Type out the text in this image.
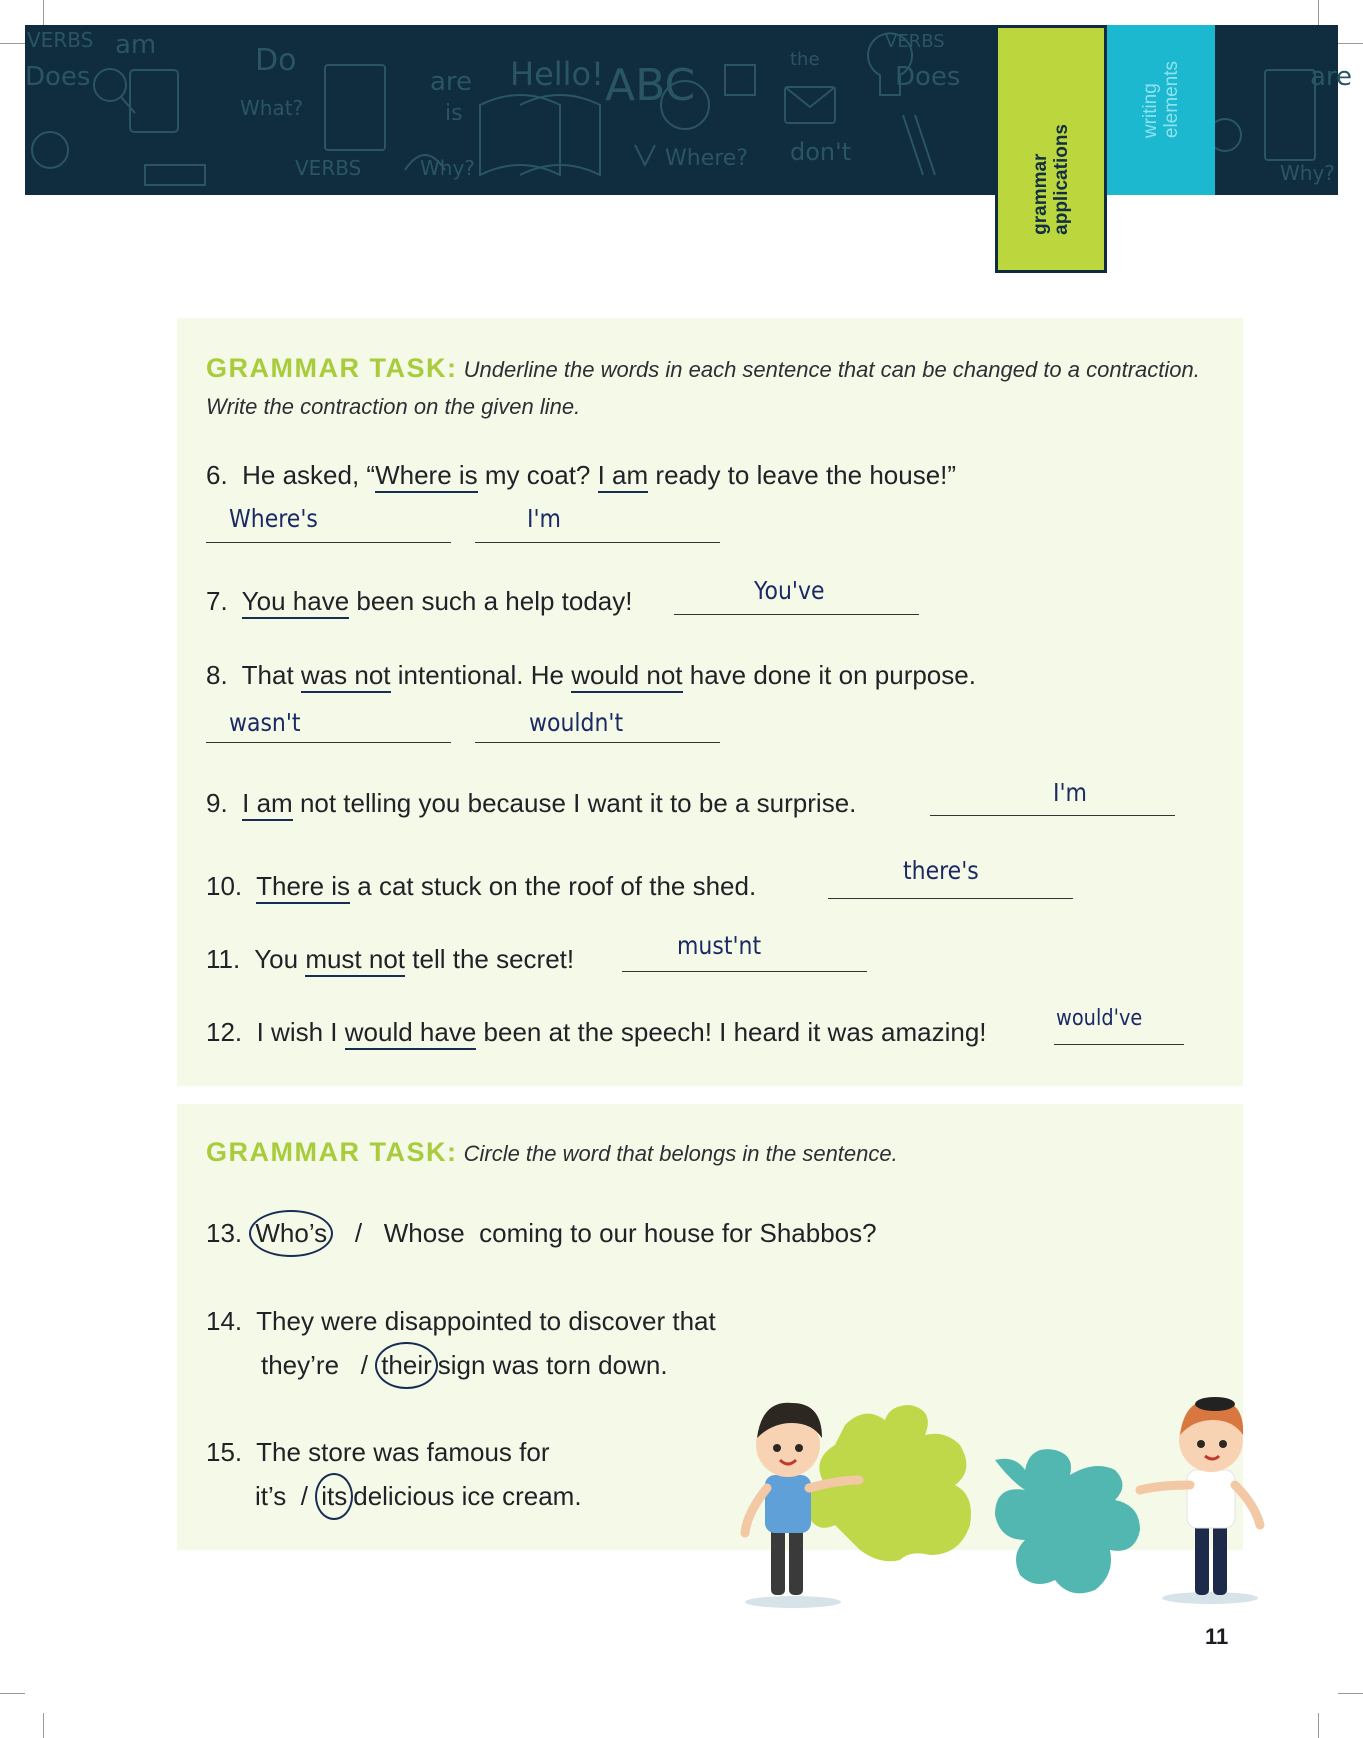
VERBS am
Does	Do
What?
are
is
Hello! ABC
the
VERBS
Does
Why?	Where? don't
VERBS	Why?
are
grammar applications
writing elements
GRAMMAR TASK: Underline the words in each sentence that can be changed to a contraction. Write the contraction on the given line.
6. He asked, “Where is my coat? I am ready to leave the house!”
Where's	I'm
7. You have been such a help today!	You've
8. That was not intentional. He would not have done it on purpose.
wasn't	wouldn't
9. I am not telling you because I want it to be a surprise.	I'm
10. There is a cat stuck on the roof of the shed.
there's
11. You must not tell the secret!	must'nt
12. I wish I would have been at the speech! I heard it was amazing!	would've
GRAMMAR TASK: Circle the word that belongs in the sentence.
13. Who’s / Whose coming to our house for Shabbos?
14. They were disappointed to discover that
they’re / their sign was torn down.
15. The store was famous for
it’s / its delicious ice cream.
11
